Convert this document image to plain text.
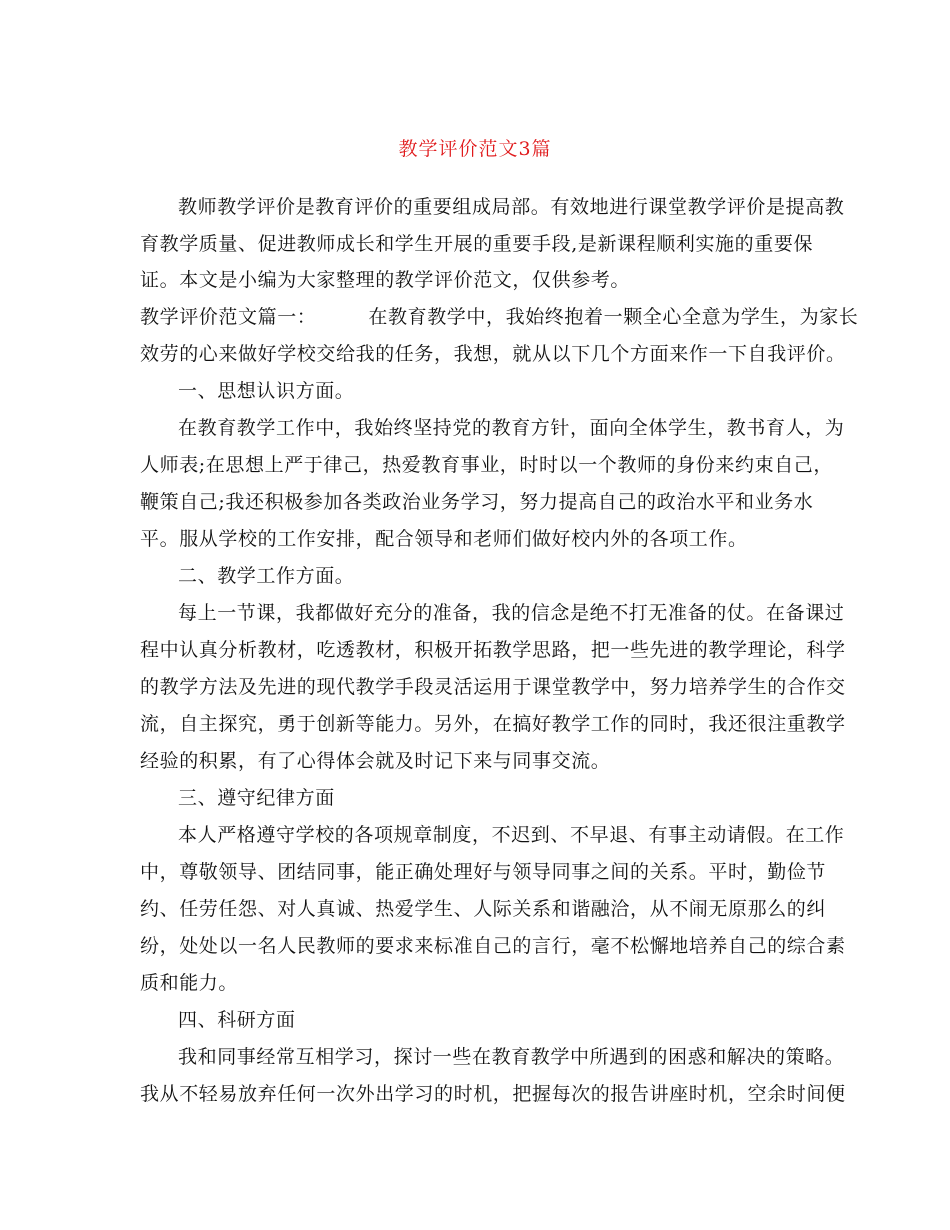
教学评价范文3篇
教师教学评价是教育评价的重要组成局部。有效地进行课堂教学评价是提高教
育教学质量、促进教师成长和学生开展的重要手段,是新课程顺利实施的重要保
证。本文是小编为大家整理的教学评价范文，仅供参考。
教学评价范文篇一：	在教育教学中，我始终抱着一颗全心全意为学生，为家长
效劳的心来做好学校交给我的任务，我想，就从以下几个方面来作一下自我评价。
一、思想认识方面。
在教育教学工作中，我始终坚持党的教育方针，面向全体学生，教书育人，为
人师表;在思想上严于律己，热爱教育事业，时时以一个教师的身份来约束自己，
鞭策自己;我还积极参加各类政治业务学习，努力提高自己的政治水平和业务水
平。服从学校的工作安排，配合领导和老师们做好校内外的各项工作。
二、教学工作方面。
每上一节课，我都做好充分的准备，我的信念是绝不打无准备的仗。在备课过
程中认真分析教材，吃透教材，积极开拓教学思路，把一些先进的教学理论，科学
的教学方法及先进的现代教学手段灵活运用于课堂教学中，努力培养学生的合作交
流，自主探究，勇于创新等能力。另外，在搞好教学工作的同时，我还很注重教学
经验的积累，有了心得体会就及时记下来与同事交流。
三、遵守纪律方面
本人严格遵守学校的各项规章制度，不迟到、不早退、有事主动请假。在工作
中，尊敬领导、团结同事，能正确处理好与领导同事之间的关系。平时，勤俭节
约、任劳任怨、对人真诚、热爱学生、人际关系和谐融洽，从不闹无原那么的纠
纷，处处以一名人民教师的要求来标准自己的言行，毫不松懈地培养自己的综合素
质和能力。
四、科研方面
我和同事经常互相学习，探讨一些在教育教学中所遇到的困惑和解决的策略。
我从不轻易放弃任何一次外出学习的时机，把握每次的报告讲座时机，空余时间便
